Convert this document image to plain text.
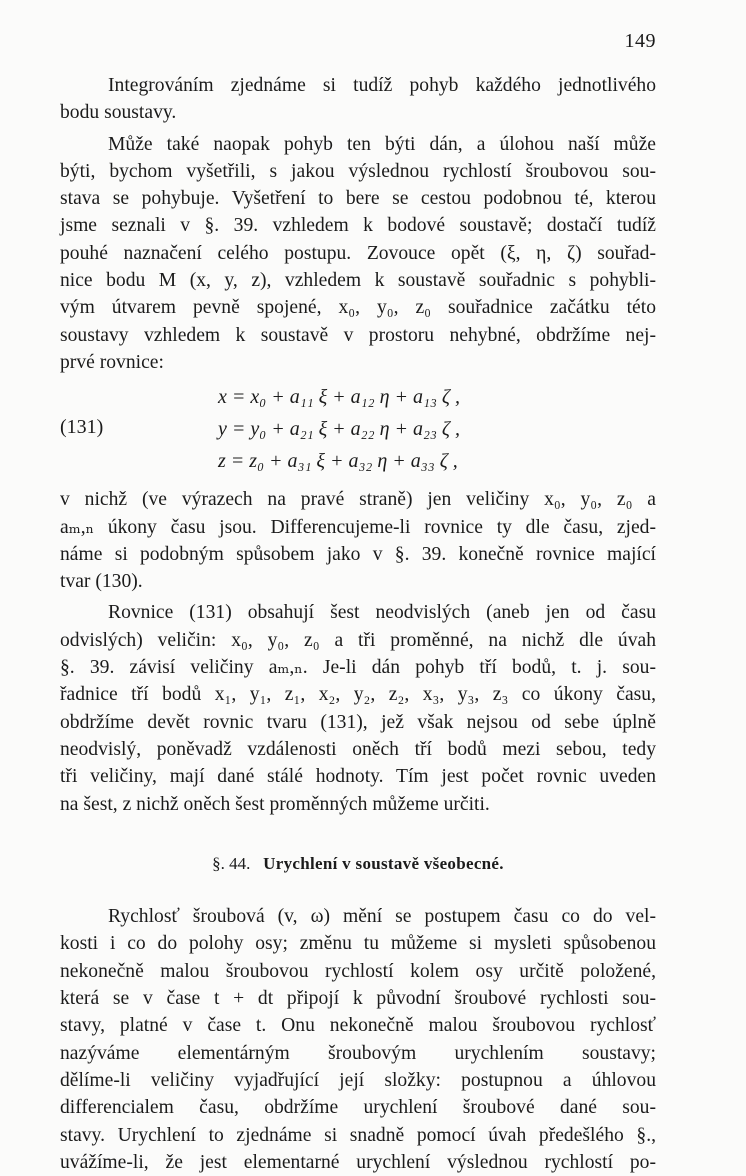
149

Integrováním zjednáme si tudíž pohyb každého jednotlivého
bodu soustavy.

Může také naopak pohyb ten býti dán, a úlohou naší může
býti, bychom vyšetřili, s jakou výslednou rychlostí šroubovou sou-
stava se pohybuje. Vyšetření to bere se cestou podobnou té, kterou
jsme seznali v §. 39. vzhledem k bodové soustavě; dostačí tudíž
pouhé naznačení celého postupu. Zovouce opět (ξ, η, ζ) souřad-
nice bodu M (x, y, z), vzhledem k soustavě souřadnic s pohybli-
vým útvarem pevně spojené, x₀, y₀, z₀ souřadnice začátku této
soustavy vzhledem k soustavě v prostoru nehybné, obdržíme nej-
prvé rovnice:

(131)
x = x₀ + a₁₁ ξ + a₁₂ η + a₁₃ ζ ,
y = y₀ + a₂₁ ξ + a₂₂ η + a₂₃ ζ ,
z = z₀ + a₃₁ ξ + a₃₂ η + a₃₃ ζ ,

v nichž (ve výrazech na pravé straně) jen veličiny x₀, y₀, z₀ a
aₘ,ₙ úkony času jsou. Differencujeme-li rovnice ty dle času, zjed-
náme si podobným spůsobem jako v §. 39. konečně rovnice mající
tvar (130).

Rovnice (131) obsahují šest neodvislých (aneb jen od času
odvislých) veličin: x₀, y₀, z₀ a tři proměnné, na nichž dle úvah
§. 39. závisí veličiny aₘ,ₙ. Je-li dán pohyb tří bodů, t. j. sou-
řadnice tří bodů x₁, y₁, z₁, x₂, y₂, z₂, x₃, y₃, z₃ co úkony času,
obdržíme devět rovnic tvaru (131), jež však nejsou od sebe úplně
neodvislý, poněvadž vzdálenosti oněch tří bodů mezi sebou, tedy
tři veličiny, mají dané stálé hodnoty. Tím jest počet rovnic uveden
na šest, z nichž oněch šest proměnných můžeme určiti.

§. 44. Urychlení v soustavě všeobecné.

Rychlosť šroubová (v, ω) mění se postupem času co do vel-
kosti i co do polohy osy; změnu tu můžeme si mysleti spůsobenou
nekonečně malou šroubovou rychlostí kolem osy určitě položené,
která se v čase t + dt připojí k původní šroubové rychlosti sou-
stavy, platné v čase t. Onu nekonečně malou šroubovou rychlosť
nazýváme elementárným šroubovým urychlením soustavy;
dělíme-li veličiny vyjadřující její složky: postupnou a úhlovou
differencialem času, obdržíme urychlení šroubové dané sou-
stavy. Urychlení to zjednáme si snadně pomocí úvah předešlého §.,
uvážíme-li, že jest elementarné urychlení výslednou rychlostí po-
